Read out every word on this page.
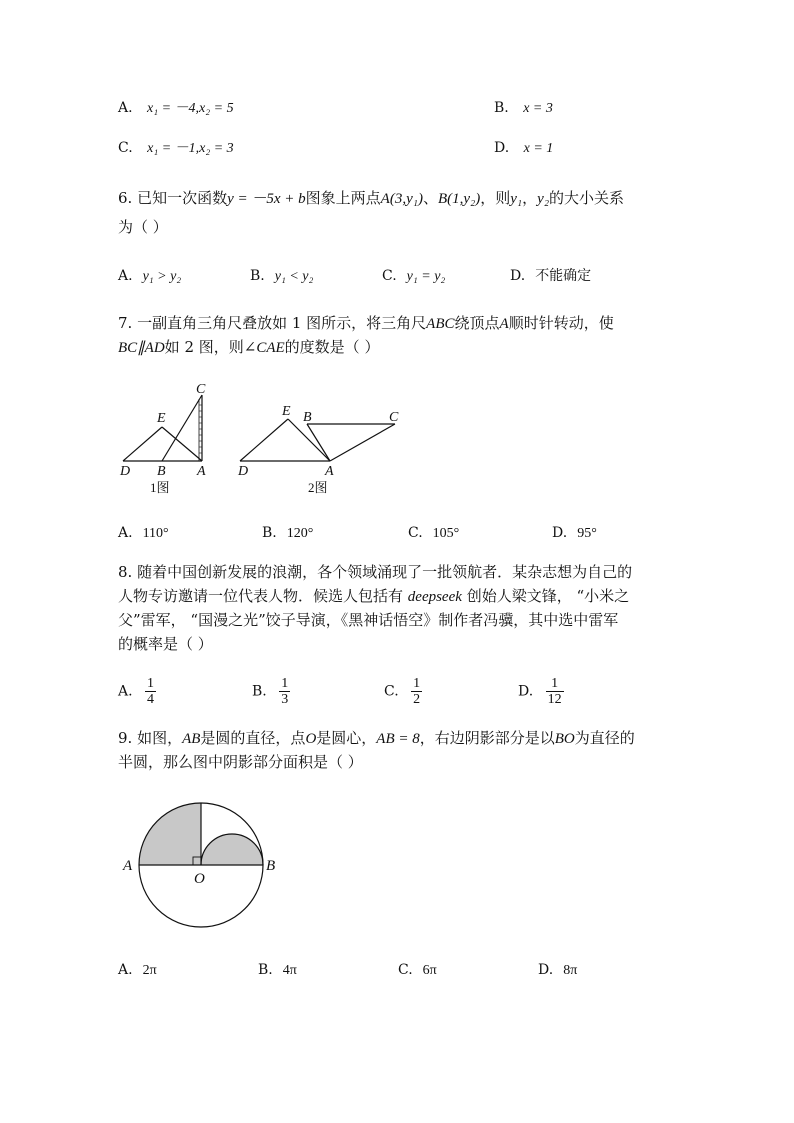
A. x₁ = －4,x₂ = 5	B. x = 3
C. x₁ = －1,x₂ = 3	D. x = 1
6. 已知一次函数y = －5x + b图象上两点A(3,y₁)、B(1,y₂)，则y₁，y₂的大小关系
为（ ）
A. y₁ > y₂	B. y₁ < y₂	C. y₁ = y₂	D. 不能确定
7. 一副直角三角尺叠放如 1 图所示，将三角尺ABC绕顶点A顺时针转动，使
BC∥AD如 2 图，则∠CAE的度数是（ ）
C
E
D B A
1图
E B	C
D	A
2图
A. 110°	B. 120°	C. 105°	D. 95°
8. 随着中国创新发展的浪潮，各个领域涌现了一批领航者．某杂志想为自己的
人物专访邀请一位代表人物．候选人包括有 deepseek 创始人梁文锋， “小米之
父”雷军， “国漫之光”饺子导演，《黑神话悟空》制作者冯骥，其中选中雷军
的概率是（ ）
A. $\frac{1}{4}$	B. $\frac{1}{3}$	C. $\frac{1}{2}$	D. $\frac{1}{12}$
9. 如图，AB是圆的直径，点O是圆心，AB = 8，右边阴影部分是以BO为直径的
半圆，那么图中阴影部分面积是（ ）
A
O
B
A. 2π	B. 4π	C. 6π	D. 8π
